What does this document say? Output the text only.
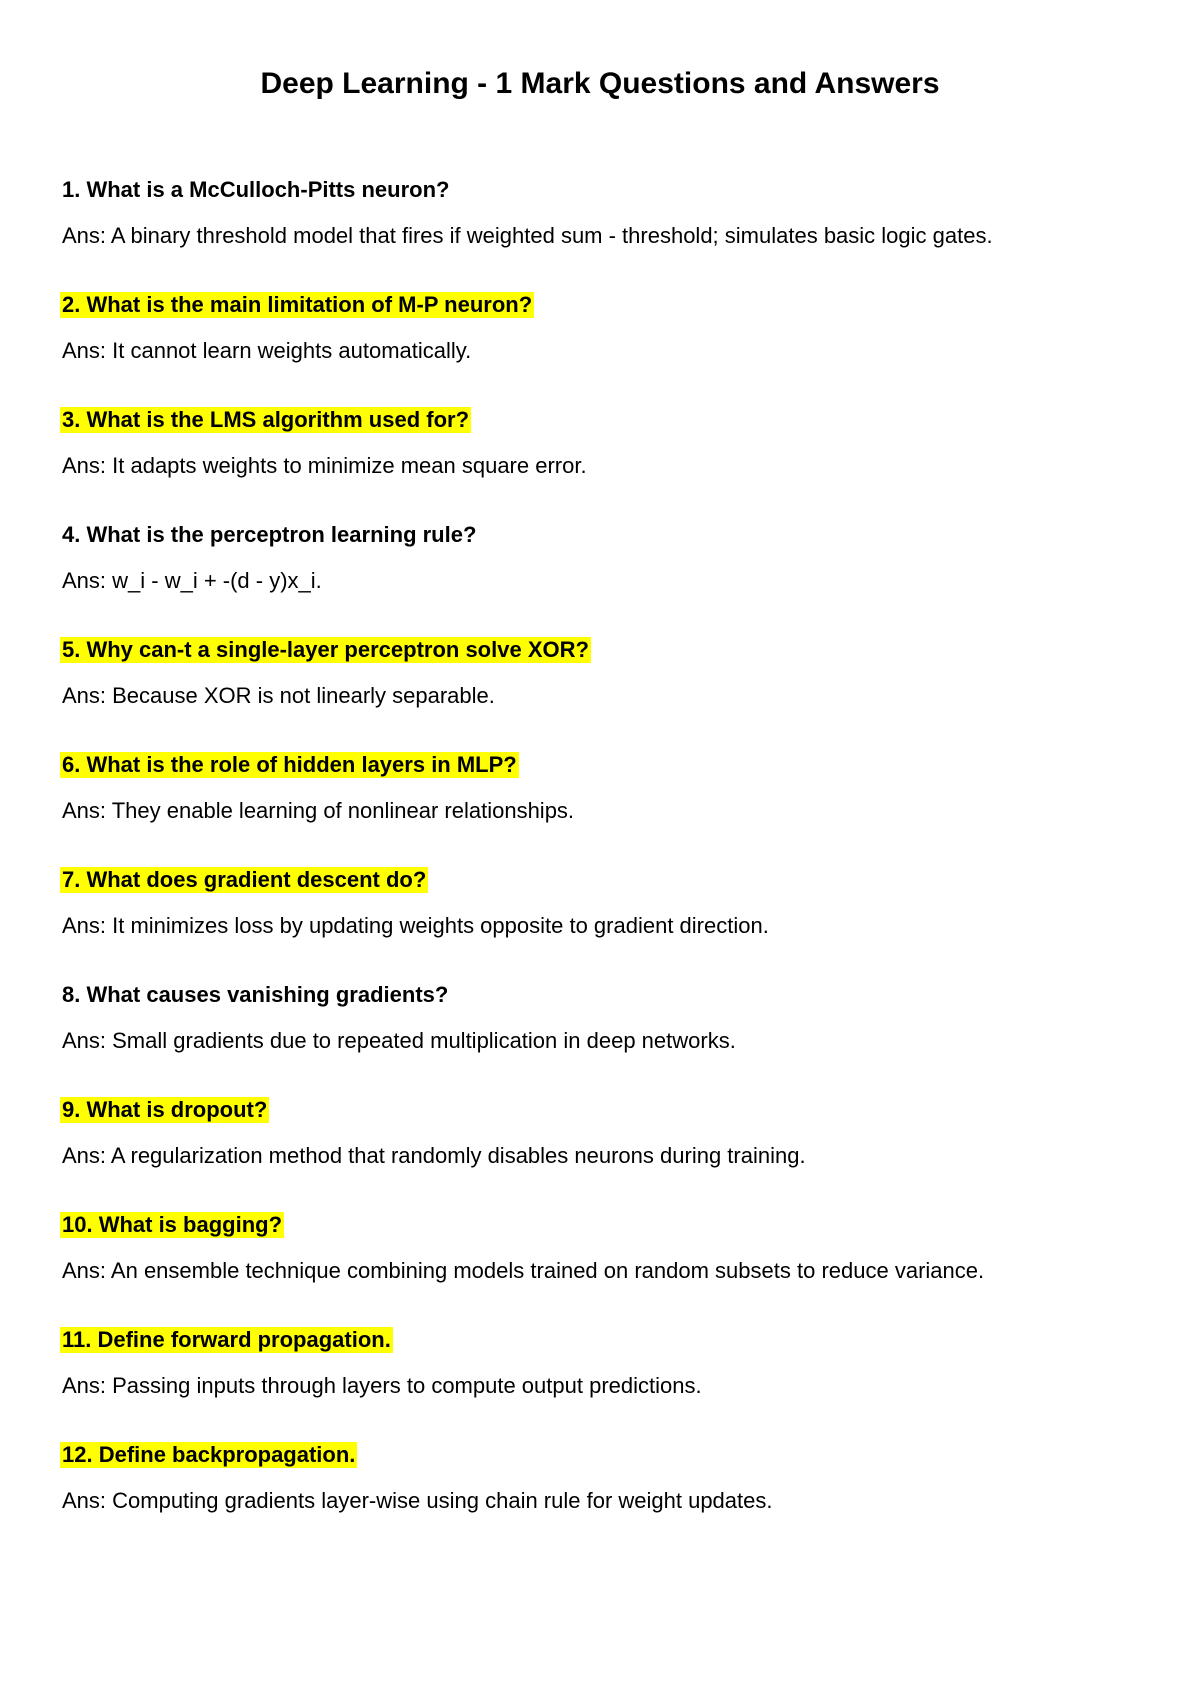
Deep Learning - 1 Mark Questions and Answers
1. What is a McCulloch-Pitts neuron?
Ans: A binary threshold model that fires if weighted sum - threshold; simulates basic logic gates.
2. What is the main limitation of M-P neuron?
Ans: It cannot learn weights automatically.
3. What is the LMS algorithm used for?
Ans: It adapts weights to minimize mean square error.
4. What is the perceptron learning rule?
Ans: w_i - w_i + -(d - y)x_i.
5. Why can-t a single-layer perceptron solve XOR?
Ans: Because XOR is not linearly separable.
6. What is the role of hidden layers in MLP?
Ans: They enable learning of nonlinear relationships.
7. What does gradient descent do?
Ans: It minimizes loss by updating weights opposite to gradient direction.
8. What causes vanishing gradients?
Ans: Small gradients due to repeated multiplication in deep networks.
9. What is dropout?
Ans: A regularization method that randomly disables neurons during training.
10. What is bagging?
Ans: An ensemble technique combining models trained on random subsets to reduce variance.
11. Define forward propagation.
Ans: Passing inputs through layers to compute output predictions.
12. Define backpropagation.
Ans: Computing gradients layer-wise using chain rule for weight updates.
